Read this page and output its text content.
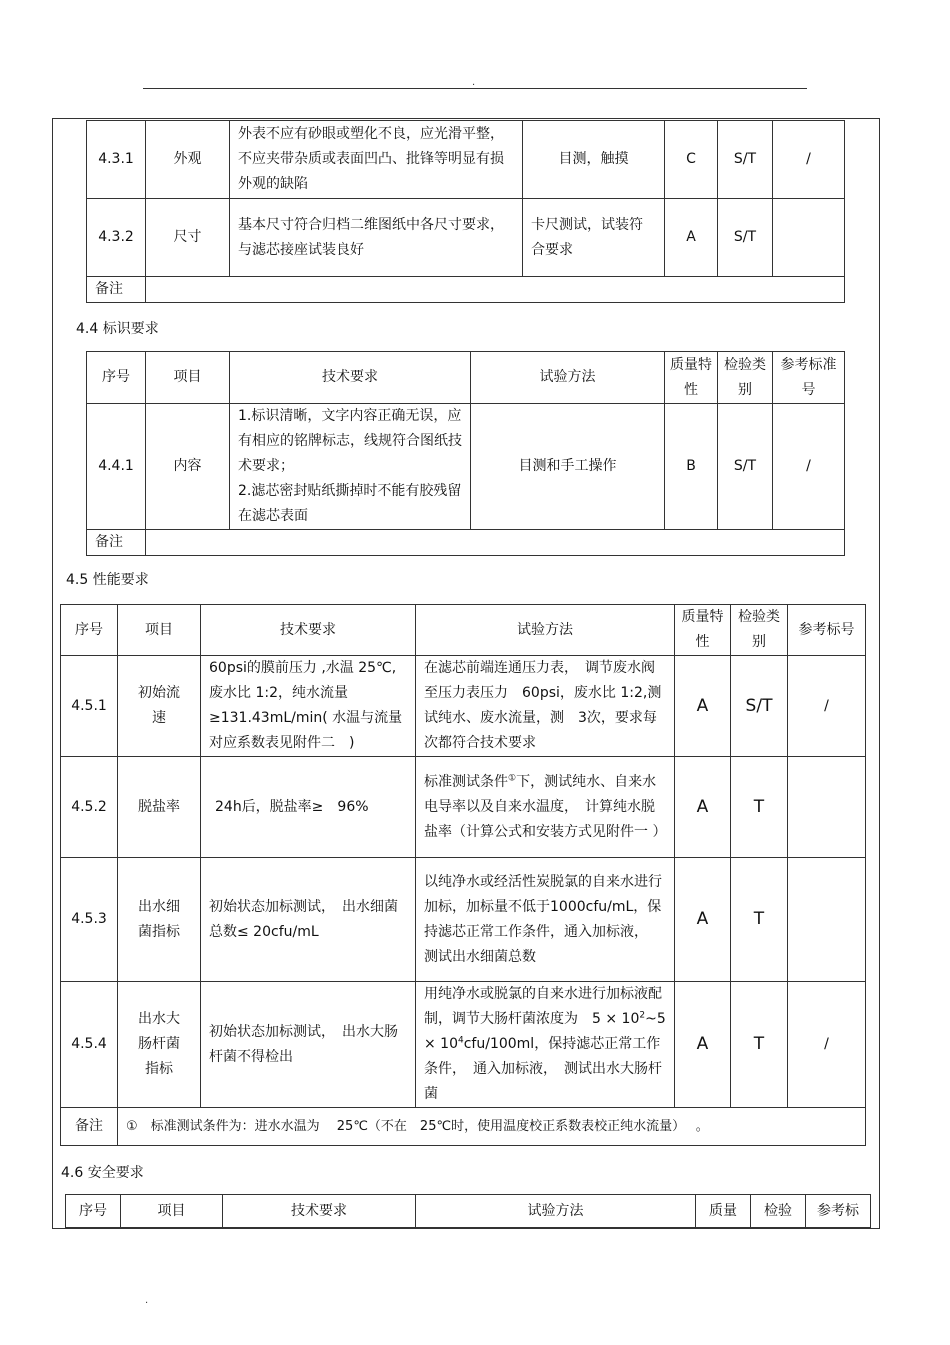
.
4.3.1	外观	外表不应有砂眼或塑化不良，应光滑平整，不应夹带杂质或表面凹凸、批锋等明显有损外观的缺陷	目测，触摸	C	S/T	/
4.3.2	尺寸	基本尺寸符合归档二维图纸中各尺寸要求，与滤芯接座试装良好	卡尺测试，试装符合要求	A	S/T	
备注						
4.4 标识要求
序号	项目	技术要求	试验方法	质量特性	检验类别	参考标准号
4.4.1	内容	1.标识清晰，文字内容正确无误，应有相应的铭牌标志，线规符合图纸技术要求；
2.滤芯密封贴纸撕掉时不能有胶残留在滤芯表面	目测和手工操作	B	S/T	/
备注						
4.5 性能要求
序号	项目	技术要求	试验方法	质量特性	检验类别	参考标号
4.5.1	初始流速	60psi的膜前压力 ,水温 25℃,废水比 1:2，纯水流量≥131.43mL/min( 水温与流量对应系数表见附件二　)	在滤芯前端连通压力表，　调节废水阀至压力表压力　60psi，废水比 1:2,测试纯水、废水流量，测　3次，要求每次都符合技术要求	A	S/T	/
4.5.2	脱盐率	24h后，脱盐率≥　96%	标准测试条件①下，测试纯水、自来水电导率以及自来水温度，　计算纯水脱盐率（计算公式和安装方式见附件一 ）	A	T	
4.5.3	出水细菌指标	初始状态加标测试，　出水细菌总数≤ 20cfu/mL	以纯净水或经活性炭脱氯的自来水进行加标，加标量不低于1000cfu/mL，保持滤芯正常工作条件，通入加标液，　测试出水细菌总数	A	T	
4.5.4	出水大肠杆菌指标	初始状态加标测试，　出水大肠杆菌不得检出	用纯净水或脱氯的自来水进行加标液配制，调节大肠杆菌浓度为　$5 \times 10^2\sim 5 \times 10^4cfu/100ml$，保持滤芯正常工作条件，　通入加标液，　测试出水大肠杆菌	A	T	/
备注	①　标准测试条件为：进水水温为　 25℃（不在　25℃时，使用温度校正系数表校正纯水流量）　 。					
4.6 安全要求
序号	项目	技术要求	试验方法	质量	检验	参考标
.
